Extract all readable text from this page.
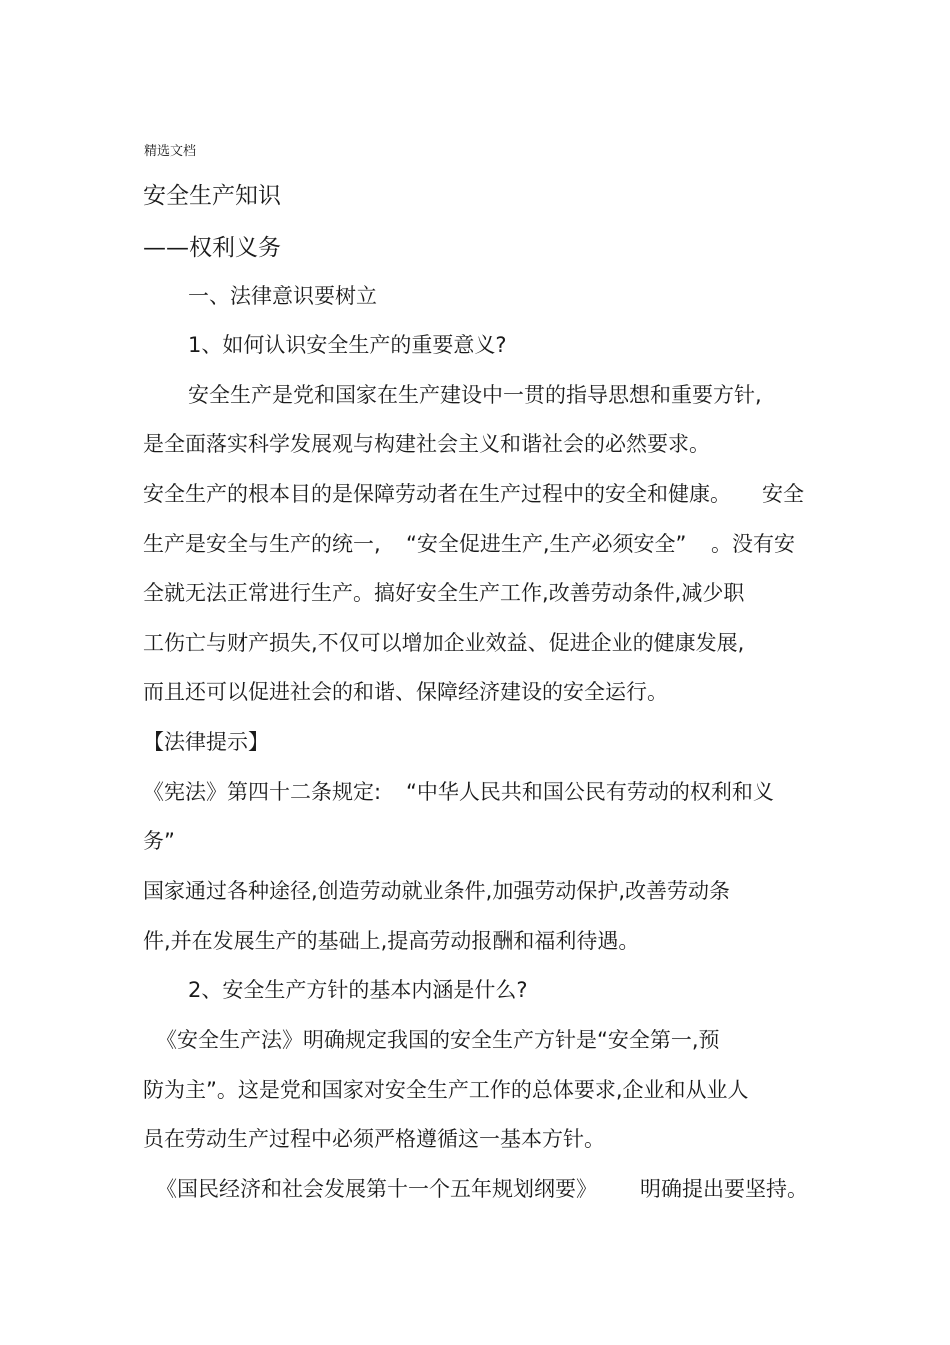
精选文档
安全生产知识
——权利义务
一、法律意识要树立
1、如何认识安全生产的重要意义?
安全生产是党和国家在生产建设中一贯的指导思想和重要方针,
是全面落实科学发展观与构建社会主义和谐社会的必然要求。
安全生产的根本目的是保障劳动者在生产过程中的安全和健康。 安全
生产是安全与生产的统一, “安全促进生产,生产必须安全” 。没有安
全就无法正常进行生产。搞好安全生产工作,改善劳动条件,减少职
工伤亡与财产损失,不仅可以增加企业效益、促进企业的健康发展,
而且还可以促进社会的和谐、保障经济建设的安全运行。
【法律提示】
《宪法》第四十二条规定: “中华人民共和国公民有劳动的权利和义
务”
国家通过各种途径,创造劳动就业条件,加强劳动保护,改善劳动条
件,并在发展生产的基础上,提高劳动报酬和福利待遇。
2、安全生产方针的基本内涵是什么?
《安全生产法》明确规定我国的安全生产方针是“安全第一,预
防为主”。这是党和国家对安全生产工作的总体要求,企业和从业人
员在劳动生产过程中必须严格遵循这一基本方针。
《国民经济和社会发展第十一个五年规划纲要》 明确提出要坚持。
